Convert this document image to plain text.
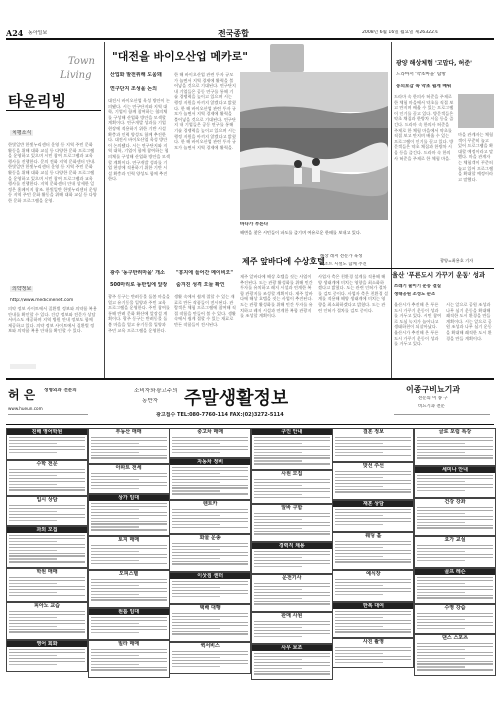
A24 동아일보	전국종합	2008년 6월 16일 월요일 제26322호
Town
Living
타운리빙
치평소식
한빛일반 한빛누리센터 운영 등 지역 주민 문화 활동을 위해 대화 교실 등 다양한 문화 프로그램을 운영하고 있으며 시민 참여 프로그램과 교육 행사를 진행한다. 문의 전화 지역 문화센터 안내. 한빛일반 한빛누리센터 운영 등 지역 주민 문화 활동을 위해 대화 교실 등 다양한 문화 프로그램을 운영하고 있으며 시민 참여 프로그램과 교육 행사를 진행한다. 지역 문화센터 안내 상세한 일정은 홈페이지 참조. 한빛일반 한빛누리센터 운영 등 지역 주민 문화 활동을 위해 대화 교실 등 다양한 문화 프로그램을 운영.
의약정보
http://www.medicinenet.com
의약 정보 사이트에서 질환별 정보와 의약품 복용 안내를 확인할 수 있다. 건강 정보와 전문가 상담 서비스도 제공하며 지역 병원 안내 정보도 함께 제공하고 있다. 의약 정보 사이트에서 질환별 정보와 의약품 복용 안내를 확인할 수 있다.
"대전을 바이오산업 메카로"
산업화 발전위해 도움돼
연구단지 조성을 논의
대전시 바이오산업 육성 방안이 논의됐다. 시는 연구단지와 지역 대학, 기업이 함께 참여하는 협의체를 구성해 산업화 방안을 모색할 계획이다. 연구개발 성과를 기업 현장에 적용하기 위한 기반 시설 확충과 인력 양성도 함께 추진한다. 대전시 바이오산업 육성 방안이 논의됐다. 시는 연구단지와 지역 대학, 기업이 함께 참여하는 협의체를 구성해 산업화 방안을 모색할 계획이다. 연구개발 성과를 기업 현장에 적용하기 위한 기반 시설 확충과 인력 양성도 함께 추진한다.
광주 '동구반려마을' 개소
500마리로 동반입에 앞장
광주 동구는 반려동물 돌봄 마을을 열고 유기동물 입양과 주민 교육 프로그램을 운영한다. 주민 참여를 통해 반려 문화 확산에 앞장설 계획이다. 광주 동구는 반려동물 돌봄 마을을 열고 유기동물 입양과 주민 교육 프로그램을 운영한다.
한 해 바이오산업 관련 투자 규모가 늘면서 지역 경제에 활력을 불어넣을 것으로 기대된다. 연구단지 내 기업들은 공동 연구를 통해 기술 경쟁력을 높이고 있으며 시는 행정 지원을 아끼지 않겠다고 밝혔다. 한 해 바이오산업 관련 투자 규모가 늘면서 지역 경제에 활력을 불어넣을 것으로 기대된다. 연구단지 내 기업들은 공동 연구를 통해 기술 경쟁력을 높이고 있으며 시는 행정 지원을 아끼지 않겠다고 밝혔다. 한 해 바이오산업 관련 투자 규모가 늘면서 지역 경제에 활력을.
"휴지에 들어간 메이비오"
숨겨진 성격 오늘 확인
생활 속에서 쉽게 접할 수 있는 재료로 만든 작품들이 전시된다. 관람객은 체험 프로그램에 참여해 직접 작품을 만들어 볼 수 있다. 생활 속에서 쉽게 접할 수 있는 재료로 만든 작품들이 전시된다.
바다가 부른다
해변을 찾은 시민들이 파도를 즐기며 여유로운 한때를 보내고 있다.
제주 앞바다에 수상호텔
해상 레저 전문가 육성
리조트 시설도 함께 추진
제주 앞바다에 해상 호텔을 짓는 사업이 추진된다. 도는 관광 활성화를 위해 민간 투자를 유치하고 레저 시설과 연계한 복합 관광지를 조성할 계획이다. 제주 앞바다에 해상 호텔을 짓는 사업이 추진된다. 도는 관광 활성화를 위해 민간 투자를 유치하고 레저 시설과 연계한 복합 관광지를 조성할 계획이다.
사업자 측은 친환경 설계를 적용해 해양 생태계에 미치는 영향을 최소화하겠다고 밝혔다. 도는 관련 인허가 절차를 검토 중이다. 사업자 측은 친환경 설계를 적용해 해양 생태계에 미치는 영향을 최소화하겠다고 밝혔다. 도는 관련 인허가 절차를 검토 중이다.
광양 해상체험 '고맙다, 허준'
드라마서 '약초마을' 탐방
동의보감 속 약초 쉽게 배워
드라마 속 한의사 허준을 주제로 한 체험 마을에서 약초를 직접 보고 만지며 배울 수 있는 프로그램이 인기를 끌고 있다. 방문객들은 약초 채집과 한방차 시음 등을 즐긴다. 드라마 속 한의사 허준을 주제로 한 체험 마을에서 약초를 직접 보고 만지며 배울 수 있는 프로그램이 인기를 끌고 있다. 방문객들은 약초 채집과 한방차 시음 등을 즐긴다. 드라마 속 한의사 허준을 주제로 한 체험 마을.
마을 관계자는 체험객이 꾸준히 늘고 있어 프로그램을 확대할 예정이라고 말했다. 마을 관계자는 체험객이 꾸준히 늘고 있어 프로그램을 확대할 예정이라고 말했다.
광양=최용호 기자
울산 '푸른도시 가꾸기 운동' 성과
쓰레기 줄이기 운동 결실
생태공원 조성도 순조
울산시가 추진해 온 푸른도시 가꾸기 운동이 성과를 거두고 있다. 시민 참여로 도심 녹지가 늘어나고 생태하천이 되살아났다. 울산시가 추진해 온 푸른도시 가꾸기 운동이 성과를 거두고 있다.
시는 앞으로 공원 조성과 나무 심기 운동을 확대해 쾌적한 도시 환경을 만들 계획이다. 시는 앞으로 공원 조성과 나무 심기 운동을 확대해 쾌적한 도시 환경을 만들 계획이다.
허 은 성형외과 전문의
www.hueun.com
소비자와 광고주의
동반자 주말생활정보
광고접수 TEL:080-7760-114 FAX:(02)3272-5114
이종구비뇨기과
전문의 이 종 구
비뇨기과 전문
진해 영어학원
수학 전문
입시 상담
과외 모집
학원 매매
피아노 교습
영어 회화
부동산 매매
아파트 전세
상가 임대
토지 매매
오피스텔
원룸 임대
빌라 매매
중고차 매매
자동차 정비
렌트카
화물 운송
이삿짐 센터
택배 대행
퀵서비스
구인 안내
사원 모집
알바 구함
경력직 채용
운전기사
판매 사원
사무 보조
결혼 정보
맞선 주선
재혼 상담
웨딩 홀
예식장
한복 대여
사진 촬영
글로 포럼 특강
세미나 안내
건강 강좌
요가 교실
골프 레슨
수영 강습
댄스 스포츠
